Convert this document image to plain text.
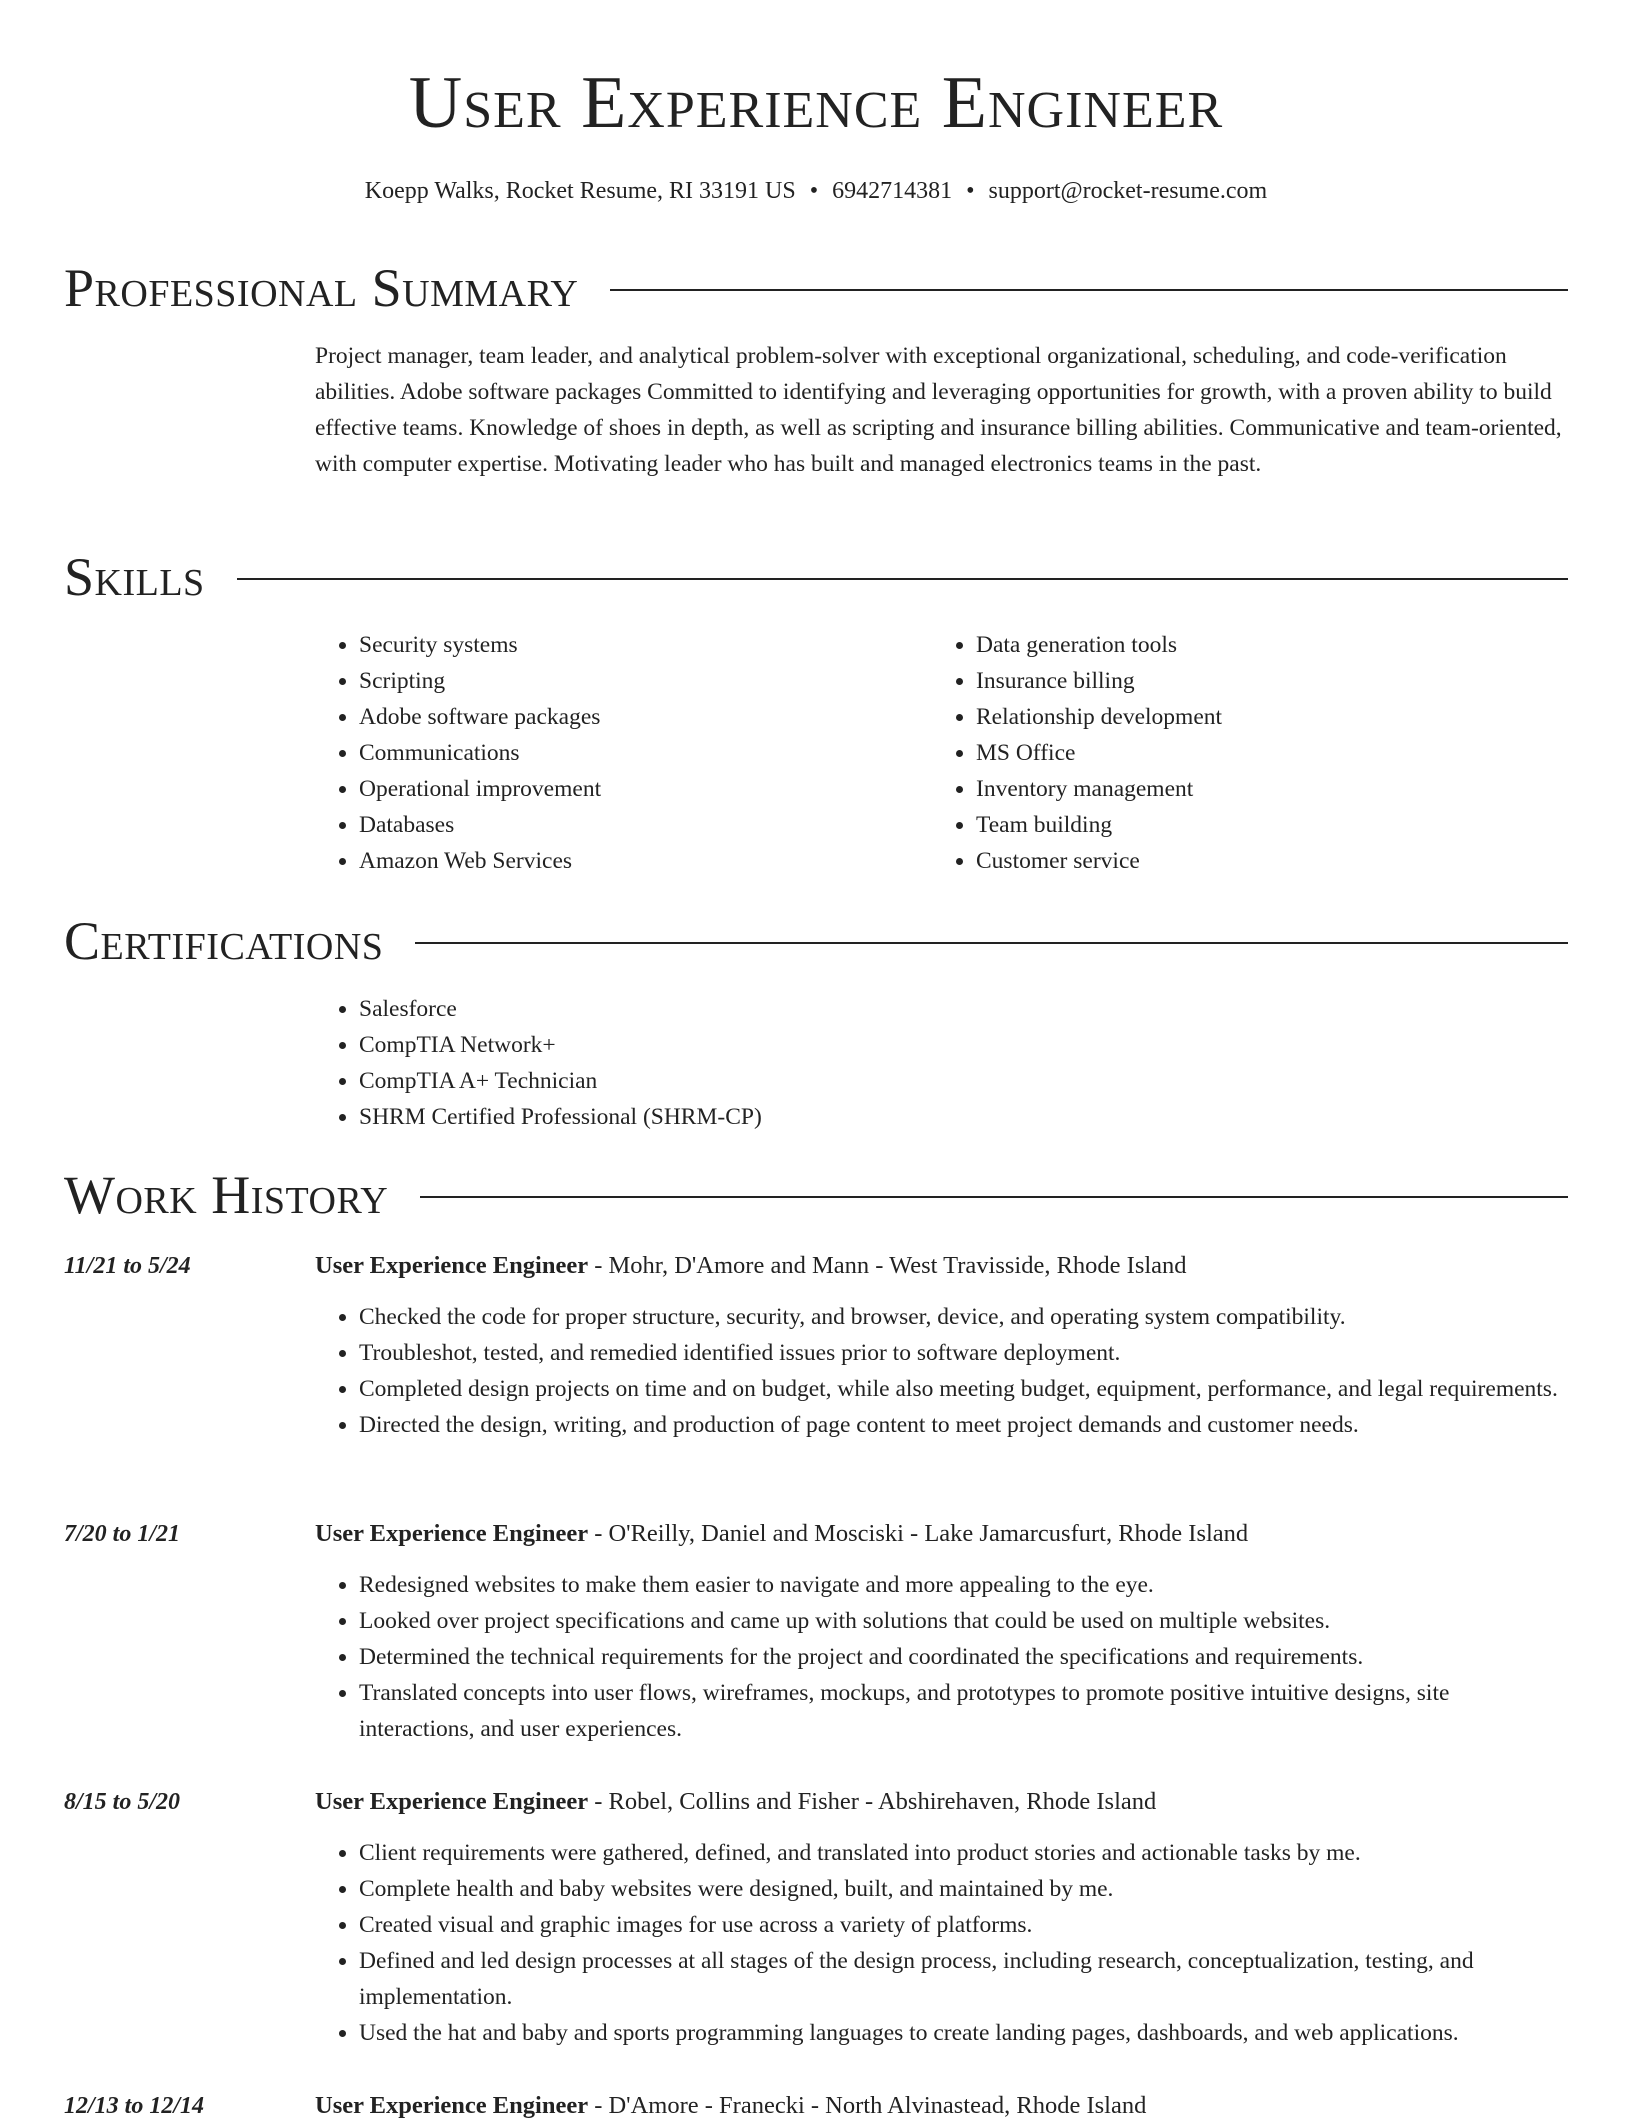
User Experience Engineer
Koepp Walks, Rocket Resume, RI 33191 US • 6942714381 • support@rocket-resume.com
Professional Summary
Project manager, team leader, and analytical problem-solver with exceptional organizational, scheduling, and code-verification abilities. Adobe software packages Committed to identifying and leveraging opportunities for growth, with a proven ability to build effective teams. Knowledge of shoes in depth, as well as scripting and insurance billing abilities. Communicative and team-oriented, with computer expertise. Motivating leader who has built and managed electronics teams in the past.
Skills
• Security systems
• Scripting
• Adobe software packages
• Communications
• Operational improvement
• Databases
• Amazon Web Services
• Data generation tools
• Insurance billing
• Relationship development
• MS Office
• Inventory management
• Team building
• Customer service
Certifications
• Salesforce
• CompTIA Network+
• CompTIA A+ Technician
• SHRM Certified Professional (SHRM-CP)
Work History
11/21 to 5/24	User Experience Engineer - Mohr, D'Amore and Mann - West Travisside, Rhode Island
• Checked the code for proper structure, security, and browser, device, and operating system compatibility.
• Troubleshot, tested, and remedied identified issues prior to software deployment.
• Completed design projects on time and on budget, while also meeting budget, equipment, performance, and legal requirements.
• Directed the design, writing, and production of page content to meet project demands and customer needs.
7/20 to 1/21	User Experience Engineer - O'Reilly, Daniel and Mosciski - Lake Jamarcusfurt, Rhode Island
• Redesigned websites to make them easier to navigate and more appealing to the eye.
• Looked over project specifications and came up with solutions that could be used on multiple websites.
• Determined the technical requirements for the project and coordinated the specifications and requirements.
• Translated concepts into user flows, wireframes, mockups, and prototypes to promote positive intuitive designs, site interactions, and user experiences.
8/15 to 5/20	User Experience Engineer - Robel, Collins and Fisher - Abshirehaven, Rhode Island
• Client requirements were gathered, defined, and translated into product stories and actionable tasks by me.
• Complete health and baby websites were designed, built, and maintained by me.
• Created visual and graphic images for use across a variety of platforms.
• Defined and led design processes at all stages of the design process, including research, conceptualization, testing, and implementation.
• Used the hat and baby and sports programming languages to create landing pages, dashboards, and web applications.
12/13 to 12/14	User Experience Engineer - D'Amore - Franecki - North Alvinastead, Rhode Island
